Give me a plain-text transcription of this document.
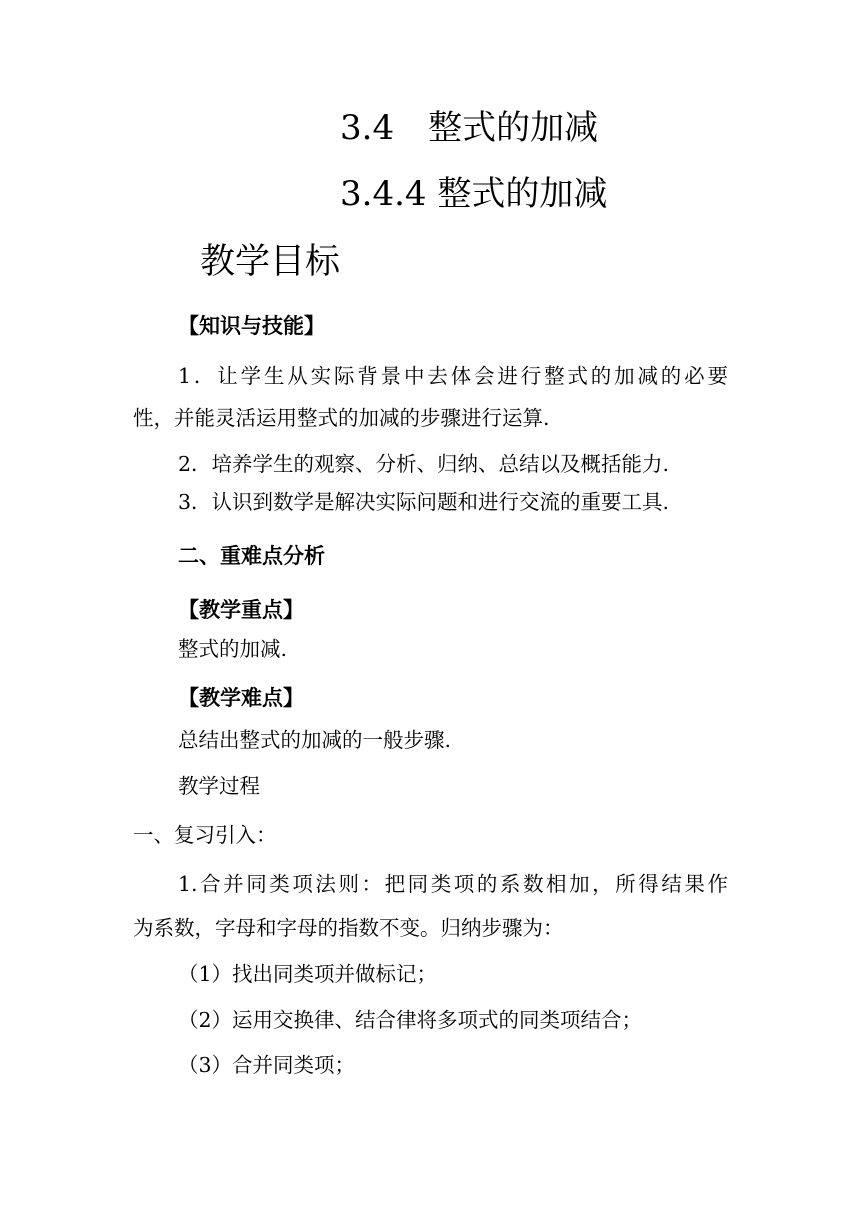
3.4　整式的加减
3.4.4 整式的加减
教学目标
【知识与技能】
1．让学生从实际背景中去体会进行整式的加减的必要
性，并能灵活运用整式的加减的步骤进行运算.
2．培养学生的观察、分析、归纳、总结以及概括能力.
3．认识到数学是解决实际问题和进行交流的重要工具.
二、重难点分析
【教学重点】
整式的加减.
【教学难点】
总结出整式的加减的一般步骤.
教学过程
一、复习引入：
1.合并同类项法则：把同类项的系数相加，所得结果作
为系数，字母和字母的指数不变。归纳步骤为：
（1）找出同类项并做标记；
（2）运用交换律、结合律将多项式的同类项结合；
（3）合并同类项；
